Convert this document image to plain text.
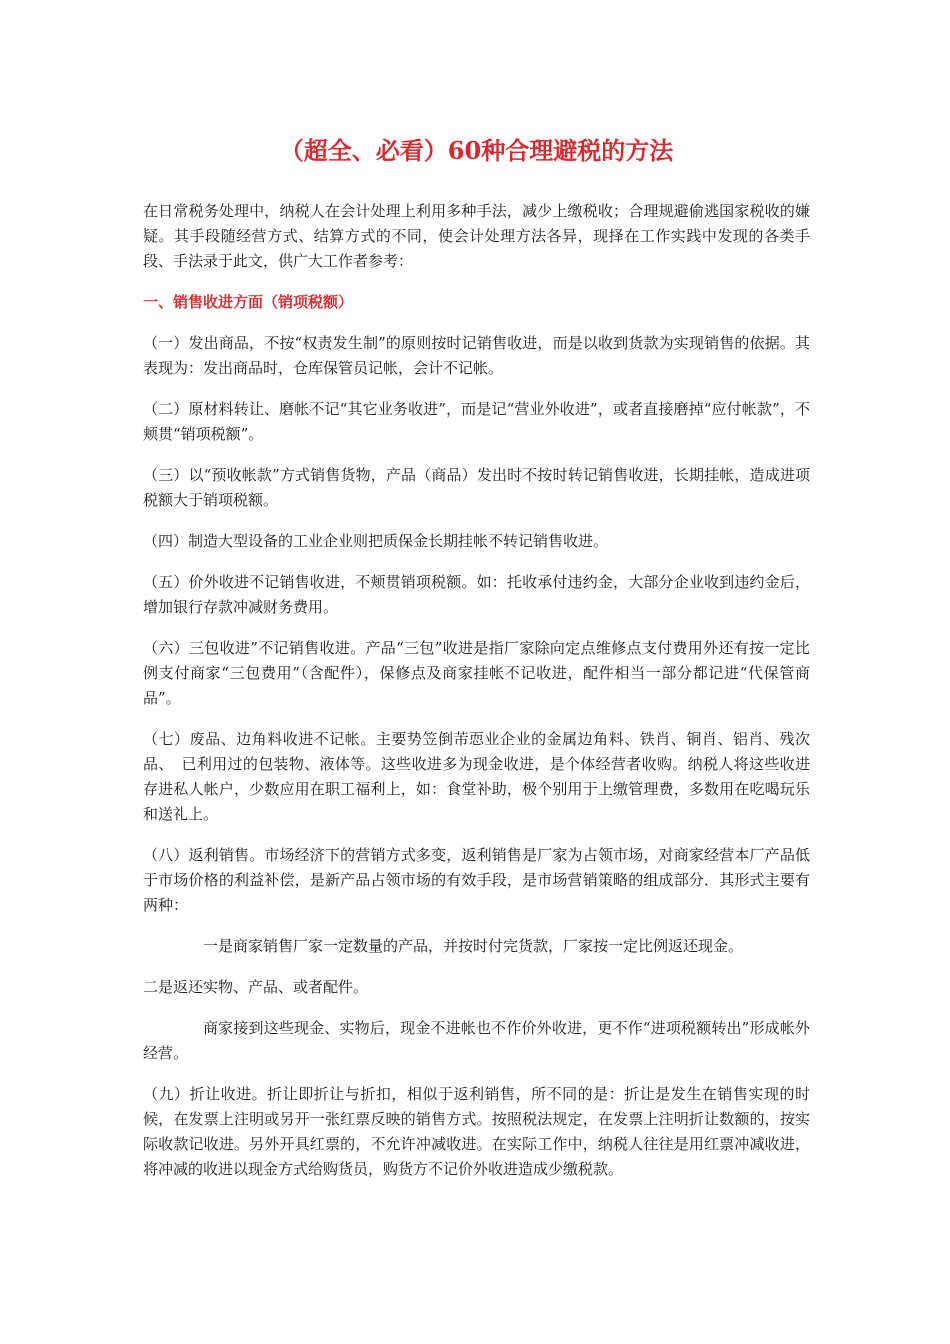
（超全、必看）60种合理避税的方法

在日常税务处理中，纳税人在会计处理上利用多种手法，减少上缴税收；合理规避偷逃国家税收的嫌疑。其手段随经营方式、结算方式的不同，使会计处理方法各异，现择在工作实践中发现的各类手段、手法录于此文，供广大工作者参考：

一、销售收进方面（销项税额）

（一）发出商品，不按“权责发生制”的原则按时记销售收进，而是以收到货款为实现销售的依据。其表现为：发出商品时，仓库保管员记帐，会计不记帐。

（二）原材料转让、磨帐不记“其它业务收进”，而是记“营业外收进”，或者直接磨掉“应付帐款”，不颊贯“销项税额”。

（三）以“预收帐款”方式销售货物，产品（商品）发出时不按时转记销售收进，长期挂帐，造成进项税额大于销项税额。

（四）制造大型设备的工业企业则把质保金长期挂帐不转记销售收进。

（五）价外收进不记销售收进，不颊贯销项税额。如：托收承付违约金，大部分企业收到违约金后，增加银行存款冲减财务费用。

（六）三包收进”不记销售收进。产品“三包”收进是指厂家除向定点维修点支付费用外还有按一定比例支付商家“三包费用”（含配件），保修点及商家挂帐不记收进，配件相当一部分都记进“代保管商品”。

（七）废品、边角料收进不记帐。主要势笠倒芾恧业企业的金属边角料、铁肖、铜肖、铝肖、残次品、　已利用过的包装物、液体等。这些收进多为现金收进，是个体经营者收购。纳税人将这些收进存进私人帐户，少数应用在职工福利上，如：食堂补助，极个别用于上缴管理费，多数用在吃喝玩乐和送礼上。

（八）返利销售。市场经济下的营销方式多变，返利销售是厂家为占领市场，对商家经营本厂产品低于市场价格的利益补偿，是新产品占领市场的有效手段，是市场营销策略的组成部分．其形式主要有两种：

一是商家销售厂家一定数量的产品，并按时付完货款，厂家按一定比例返还现金。

二是返还实物、产品、或者配件。

商家接到这些现金、实物后，现金不进帐也不作价外收进，更不作“进项税额转出”形成帐外经营。

（九）折让收进。折让即折让与折扣，相似于返利销售，所不同的是：折让是发生在销售实现的时候，在发票上注明或另开一张红票反映的销售方式。按照税法规定，在发票上注明折让数额的，按实际收款记收进。另外开具红票的，不允许冲减收进。在实际工作中，纳税人往往是用红票冲减收进，将冲减的收进以现金方式给购货员，购货方不记价外收进造成少缴税款。
